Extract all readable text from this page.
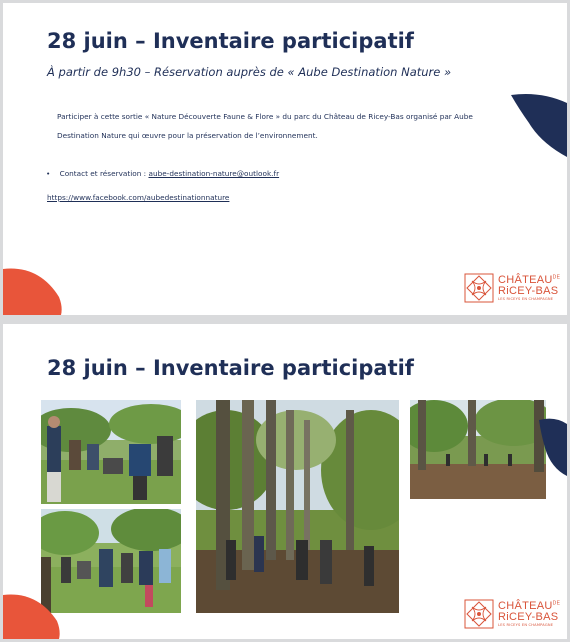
28 juin – Inventaire participatif

À partir de 9h30 – Réservation auprès de « Aube Destination Nature »

Participer à cette sortie « Nature Découverte Faune & Flore » du parc du Château de Ricey-Bas organisé par Aube Destination Nature qui œuvre pour la préservation de l’environnement.

•    Contact et réservation : aube-destination-nature@outlook.fr
https://www.facebook.com/aubedestinationnature
$CHÂTEAU^{DE}$
RiCEY-BAS
LES RICEYS EN CHAMPAGNE
28 juin – Inventaire participatif
$CHÂTEAU^{DE}$
RiCEY-BAS
LES RICEYS EN CHAMPAGNE
